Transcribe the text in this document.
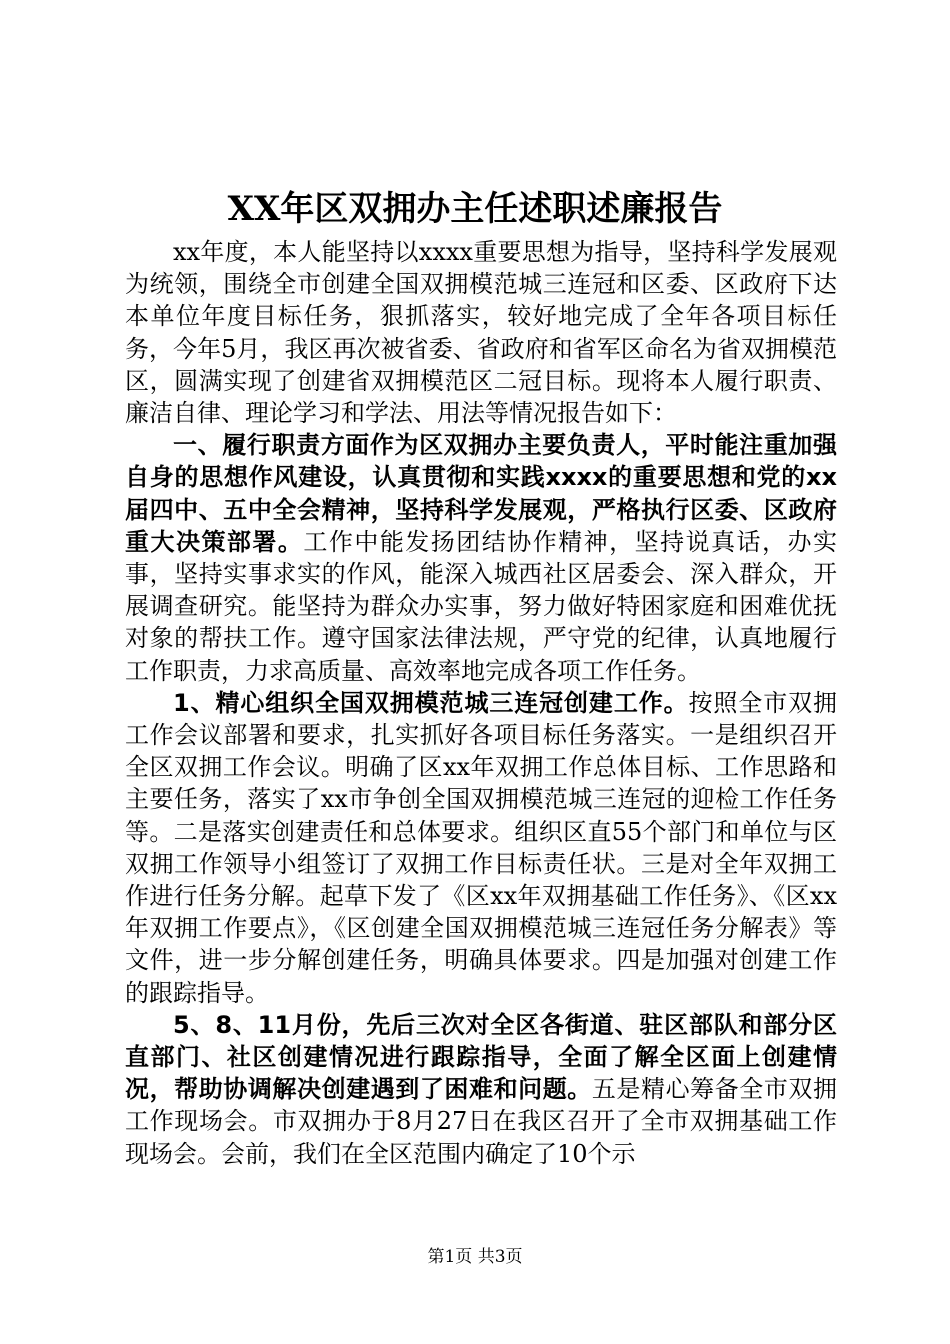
XX年区双拥办主任述职述廉报告

xx年度，本人能坚持以xxxx重要思想为指导，坚持科学发展观为统领，围绕全市创建全国双拥模范城三连冠和区委、区政府下达本单位年度目标任务，狠抓落实，较好地完成了全年各项目标任务，今年5月，我区再次被省委、省政府和省军区命名为省双拥模范区，圆满实现了创建省双拥模范区二冠目标。现将本人履行职责、廉洁自律、理论学习和学法、用法等情况报告如下：

一、履行职责方面作为区双拥办主要负责人，平时能注重加强自身的思想作风建设，认真贯彻和实践xxxx的重要思想和党的xx届四中、五中全会精神，坚持科学发展观，严格执行区委、区政府重大决策部署。工作中能发扬团结协作精神，坚持说真话，办实事，坚持实事求实的作风，能深入城西社区居委会、深入群众，开展调查研究。能坚持为群众办实事，努力做好特困家庭和困难优抚对象的帮扶工作。遵守国家法律法规，严守党的纪律，认真地履行工作职责，力求高质量、高效率地完成各项工作任务。

1、精心组织全国双拥模范城三连冠创建工作。按照全市双拥工作会议部署和要求，扎实抓好各项目标任务落实。一是组织召开全区双拥工作会议。明确了区xx年双拥工作总体目标、工作思路和主要任务，落实了xx市争创全国双拥模范城三连冠的迎检工作任务等。二是落实创建责任和总体要求。组织区直55个部门和单位与区双拥工作领导小组签订了双拥工作目标责任状。三是对全年双拥工作进行任务分解。起草下发了《区xx年双拥基础工作任务》、《区xx年双拥工作要点》，《区创建全国双拥模范城三连冠任务分解表》等文件，进一步分解创建任务，明确具体要求。四是加强对创建工作的跟踪指导。

5、8、11月份，先后三次对全区各街道、驻区部队和部分区直部门、社区创建情况进行跟踪指导，全面了解全区面上创建情况，帮助协调解决创建遇到了困难和问题。五是精心筹备全市双拥工作现场会。市双拥办于8月27日在我区召开了全市双拥基础工作现场会。会前，我们在全区范围内确定了10个示

第1页 共3页
